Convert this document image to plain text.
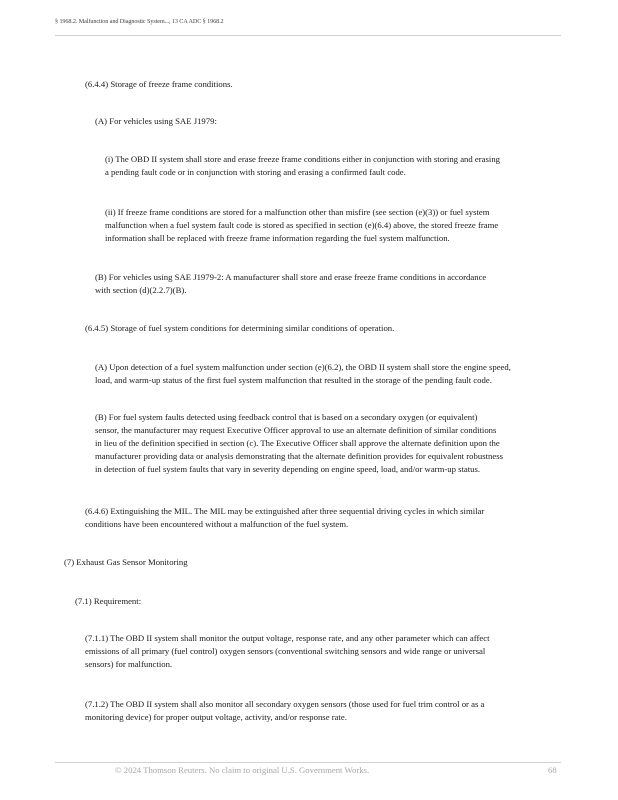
§ 1968.2. Malfunction and Diagnostic System..., 13 CA ADC § 1968.2
(6.4.4) Storage of freeze frame conditions.
(A) For vehicles using SAE J1979:
(i) The OBD II system shall store and erase freeze frame conditions either in conjunction with storing and erasing
a pending fault code or in conjunction with storing and erasing a confirmed fault code.
(ii) If freeze frame conditions are stored for a malfunction other than misfire (see section (e)(3)) or fuel system
malfunction when a fuel system fault code is stored as specified in section (e)(6.4) above, the stored freeze frame
information shall be replaced with freeze frame information regarding the fuel system malfunction.
(B) For vehicles using SAE J1979-2: A manufacturer shall store and erase freeze frame conditions in accordance
with section (d)(2.2.7)(B).
(6.4.5) Storage of fuel system conditions for determining similar conditions of operation.
(A) Upon detection of a fuel system malfunction under section (e)(6.2), the OBD II system shall store the engine speed,
load, and warm-up status of the first fuel system malfunction that resulted in the storage of the pending fault code.
(B) For fuel system faults detected using feedback control that is based on a secondary oxygen (or equivalent)
sensor, the manufacturer may request Executive Officer approval to use an alternate definition of similar conditions
in lieu of the definition specified in section (c). The Executive Officer shall approve the alternate definition upon the
manufacturer providing data or analysis demonstrating that the alternate definition provides for equivalent robustness
in detection of fuel system faults that vary in severity depending on engine speed, load, and/or warm-up status.
(6.4.6) Extinguishing the MIL. The MIL may be extinguished after three sequential driving cycles in which similar
conditions have been encountered without a malfunction of the fuel system.
(7) Exhaust Gas Sensor Monitoring
(7.1) Requirement:
(7.1.1) The OBD II system shall monitor the output voltage, response rate, and any other parameter which can affect
emissions of all primary (fuel control) oxygen sensors (conventional switching sensors and wide range or universal
sensors) for malfunction.
(7.1.2) The OBD II system shall also monitor all secondary oxygen sensors (those used for fuel trim control or as a
monitoring device) for proper output voltage, activity, and/or response rate.
© 2024 Thomson Reuters. No claim to original U.S. Government Works.	68
